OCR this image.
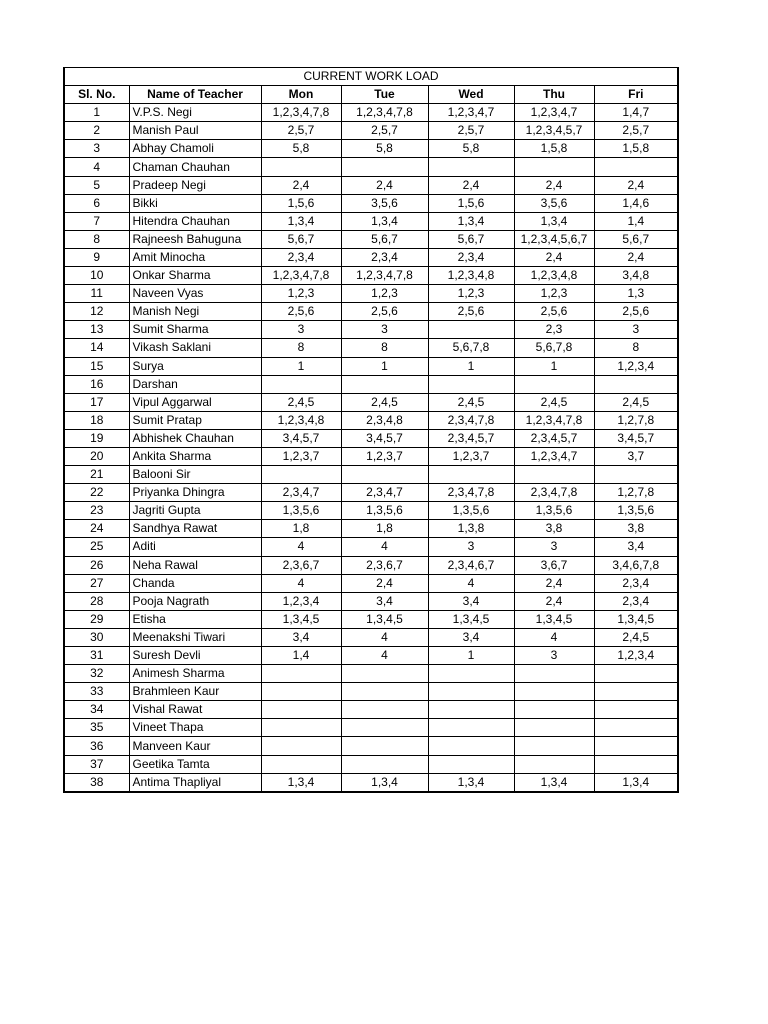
CURRENT WORK LOAD						
Sl. No.	Name of Teacher	Mon	Tue	Wed	Thu	Fri
1	V.P.S. Negi	1,2,3,4,7,8	1,2,3,4,7,8	1,2,3,4,7	1,2,3,4,7	1,4,7
2	Manish Paul	2,5,7	2,5,7	2,5,7	1,2,3,4,5,7	2,5,7
3	Abhay Chamoli	5,8	5,8	5,8	1,5,8	1,5,8
4	Chaman Chauhan					
5	Pradeep Negi	2,4	2,4	2,4	2,4	2,4
6	Bikki	1,5,6	3,5,6	1,5,6	3,5,6	1,4,6
7	Hitendra Chauhan	1,3,4	1,3,4	1,3,4	1,3,4	1,4
8	Rajneesh Bahuguna	5,6,7	5,6,7	5,6,7	1,2,3,4,5,6,7	5,6,7
9	Amit Minocha	2,3,4	2,3,4	2,3,4	2,4	2,4
10	Onkar Sharma	1,2,3,4,7,8	1,2,3,4,7,8	1,2,3,4,8	1,2,3,4,8	3,4,8
11	Naveen Vyas	1,2,3	1,2,3	1,2,3	1,2,3	1,3
12	Manish Negi	2,5,6	2,5,6	2,5,6	2,5,6	2,5,6
13	Sumit Sharma	3	3		2,3	3
14	Vikash Saklani	8	8	5,6,7,8	5,6,7,8	8
15	Surya	1	1	1	1	1,2,3,4
16	Darshan					
17	Vipul Aggarwal	2,4,5	2,4,5	2,4,5	2,4,5	2,4,5
18	Sumit Pratap	1,2,3,4,8	2,3,4,8	2,3,4,7,8	1,2,3,4,7,8	1,2,7,8
19	Abhishek Chauhan	3,4,5,7	3,4,5,7	2,3,4,5,7	2,3,4,5,7	3,4,5,7
20	Ankita Sharma	1,2,3,7	1,2,3,7	1,2,3,7	1,2,3,4,7	3,7
21	Balooni Sir					
22	Priyanka Dhingra	2,3,4,7	2,3,4,7	2,3,4,7,8	2,3,4,7,8	1,2,7,8
23	Jagriti Gupta	1,3,5,6	1,3,5,6	1,3,5,6	1,3,5,6	1,3,5,6
24	Sandhya Rawat	1,8	1,8	1,3,8	3,8	3,8
25	Aditi	4	4	3	3	3,4
26	Neha Rawal	2,3,6,7	2,3,6,7	2,3,4,6,7	3,6,7	3,4,6,7,8
27	Chanda	4	2,4	4	2,4	2,3,4
28	Pooja Nagrath	1,2,3,4	3,4	3,4	2,4	2,3,4
29	Etisha	1,3,4,5	1,3,4,5	1,3,4,5	1,3,4,5	1,3,4,5
30	Meenakshi Tiwari	3,4	4	3,4	4	2,4,5
31	Suresh Devli	1,4	4	1	3	1,2,3,4
32	Animesh Sharma					
33	Brahmleen Kaur					
34	Vishal Rawat					
35	Vineet Thapa					
36	Manveen Kaur					
37	Geetika Tamta					
38	Antima Thapliyal	1,3,4	1,3,4	1,3,4	1,3,4	1,3,4
